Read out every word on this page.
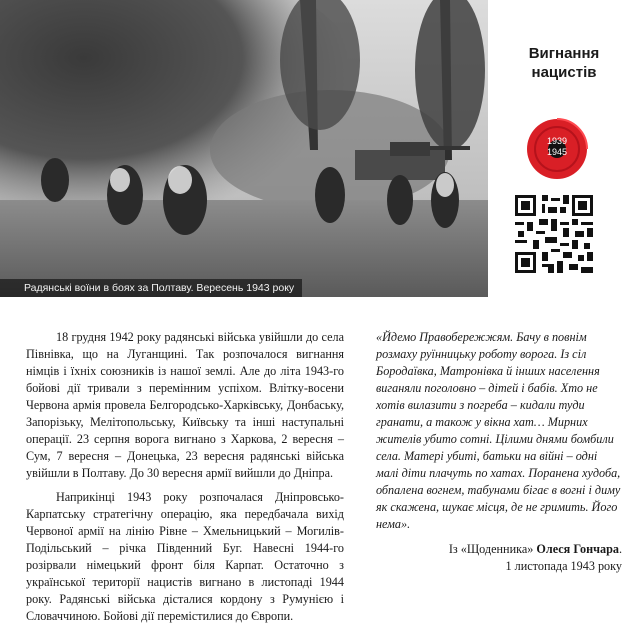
Радянські воїни в боях за Полтаву. Вересень 1943 року
Вигнання
нацистів
1939
1945

18 грудня 1942 року радянські війська увійшли до села Півнівка, що на Луганщині. Так розпочалося вигнання німців і їхніх союзників із нашої землі. Але до літа 1943-го бойові дії тривали з перемінним успіхом. Влітку-восени Червона армія провела Белгородсько-Харківську, Донбаську, Запорізьку, Мелітопольську, Київську та інші наступальні операції. 23 серпня ворога вигнано з Харкова, 2 вересня – Сум, 7 вересня – Донецька, 23 вересня радянські війська увійшли в Полтаву. До 30 вересня армії вийшли до Дніпра.

Наприкінці 1943 року розпочалася Дніпровсько-Карпатську стратегічну операцію, яка передбачала вихід Червоної армії на лінію Рівне – Хмельницький – Могилів-Подільський – річка Південний Буг. Навесні 1944-го розірвали німецький фронт біля Карпат. Остаточно з української території нацистів вигнано в листопаді 1944 року. Радянські війська дісталися кордону з Румунією і Словаччиною. Бойові дії перемістилися до Європи.

«Йдемо Правобережжям. Бачу в повнім розмаху руїнницьку роботу ворога. Із сіл Бородаївка, Матронівка й інших населення виганяли поголовно – дітей і бабів. Хто не хотів вилазити з погреба – кидали туди гранати, а також у вікна хат… Мирних жителів убито сотні. Цілими днями бомбили села. Матері убиті, батьки на війні – одні малі діти плачуть по хатах. Поранена худоба, обпалена вогнем, табунами бігає в вогні і диму як скажена, шукає місця, де не гримить. Його нема».

Із «Щоденника» Олеся Гончара.

1 листопада 1943 року
